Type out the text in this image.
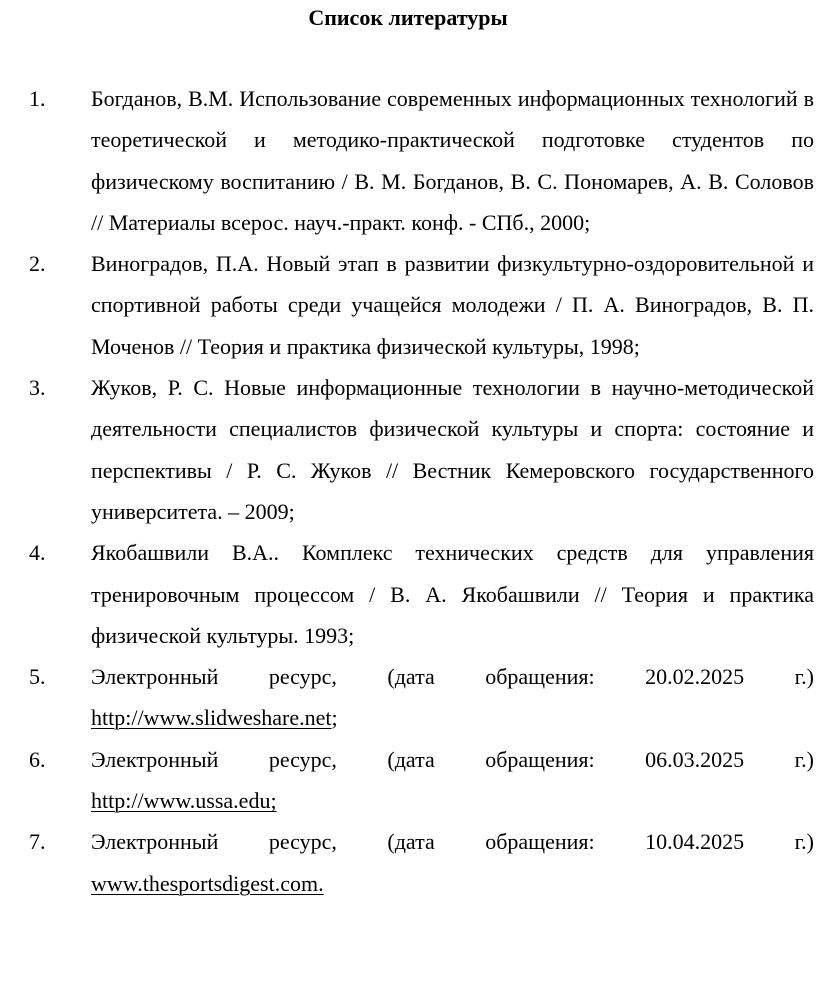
Список литературы
1. Богданов, В.М. Использование современных информационных технологий в теоретической и методико-практической подготовке студентов по физическому воспитанию / В. М. Богданов, В. С. Пономарев, А. В. Соловов // Материалы всерос. науч.-практ. конф. - СПб., 2000;
2. Виноградов, П.А. Новый этап в развитии физкультурно-оздоровительной и спортивной работы среди учащейся молодежи / П. А. Виноградов, В. П. Моченов // Теория и практика физической культуры, 1998;
3. Жуков, Р. С. Новые информационные технологии в научно-методической деятельности специалистов физической культуры и спорта: состояние и перспективы / Р. С. Жуков // Вестник Кемеровского государственного университета. – 2009;
4. Якобашвили В.А.. Комплекс технических средств для управления тренировочным процессом / В. А. Якобашвили // Теория и практика физической культуры. 1993;
5. Электронный ресурс, (дата обращения: 20.02.2025 г.)
http://www.slidweshare.net;
6. Электронный ресурс, (дата обращения: 06.03.2025 г.)
http://www.ussa.edu;
7. Электронный ресурс, (дата обращения: 10.04.2025 г.)
www.thesportsdigest.com.
